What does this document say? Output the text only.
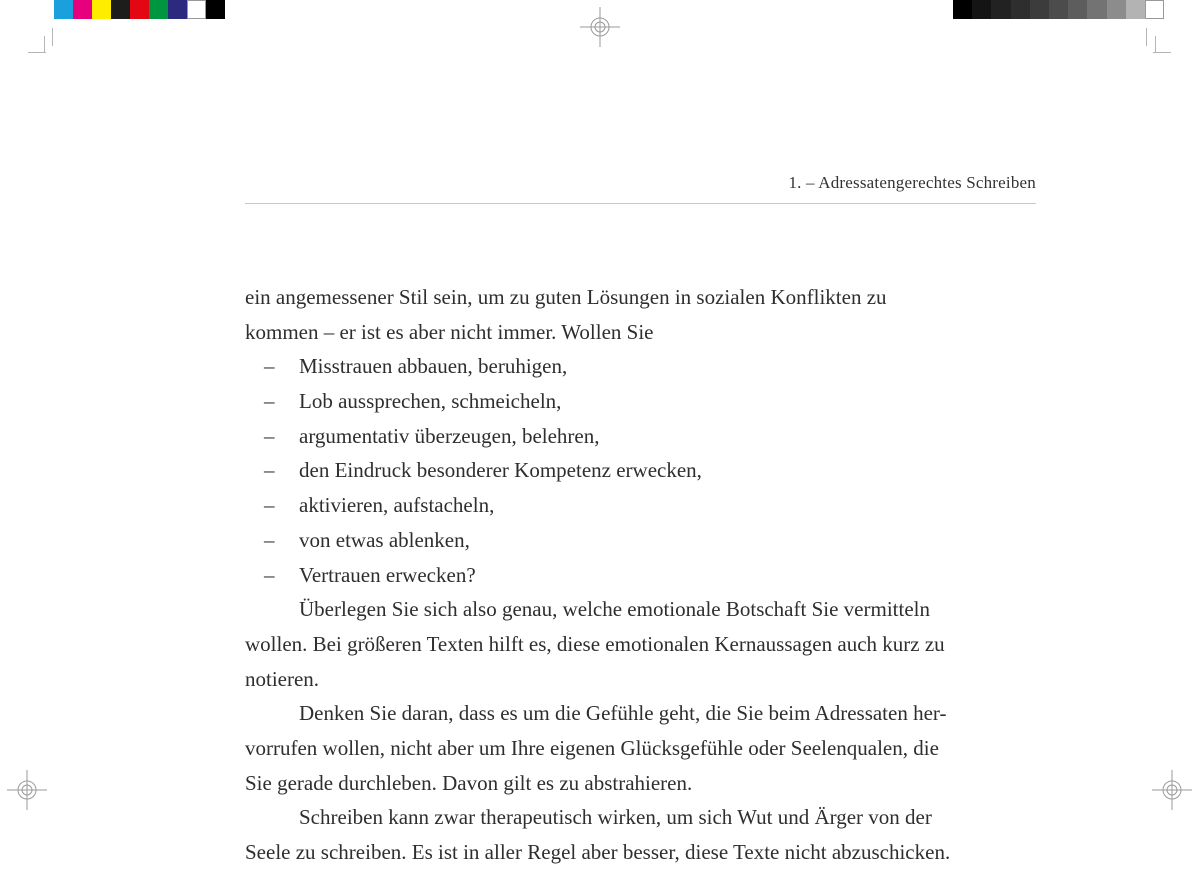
1. – Adressatengerechtes Schreiben
ein angemessener Stil sein, um zu guten Lösungen in sozialen Konflikten zu
kommen – er ist es aber nicht immer. Wollen Sie
– Misstrauen abbauen, beruhigen,
– Lob aussprechen, schmeicheln,
– argumentativ überzeugen, belehren,
– den Eindruck besonderer Kompetenz erwecken,
– aktivieren, aufstacheln,
– von etwas ablenken,
– Vertrauen erwecken?
Überlegen Sie sich also genau, welche emotionale Botschaft Sie vermitteln
wollen. Bei größeren Texten hilft es, diese emotionalen Kernaussagen auch kurz zu
notieren.
Denken Sie daran, dass es um die Gefühle geht, die Sie beim Adressaten her-
vorrufen wollen, nicht aber um Ihre eigenen Glücksgefühle oder Seelenqualen, die
Sie gerade durchleben. Davon gilt es zu abstrahieren.
Schreiben kann zwar therapeutisch wirken, um sich Wut und Ärger von der
Seele zu schreiben. Es ist in aller Regel aber besser, diese Texte nicht abzuschicken.
